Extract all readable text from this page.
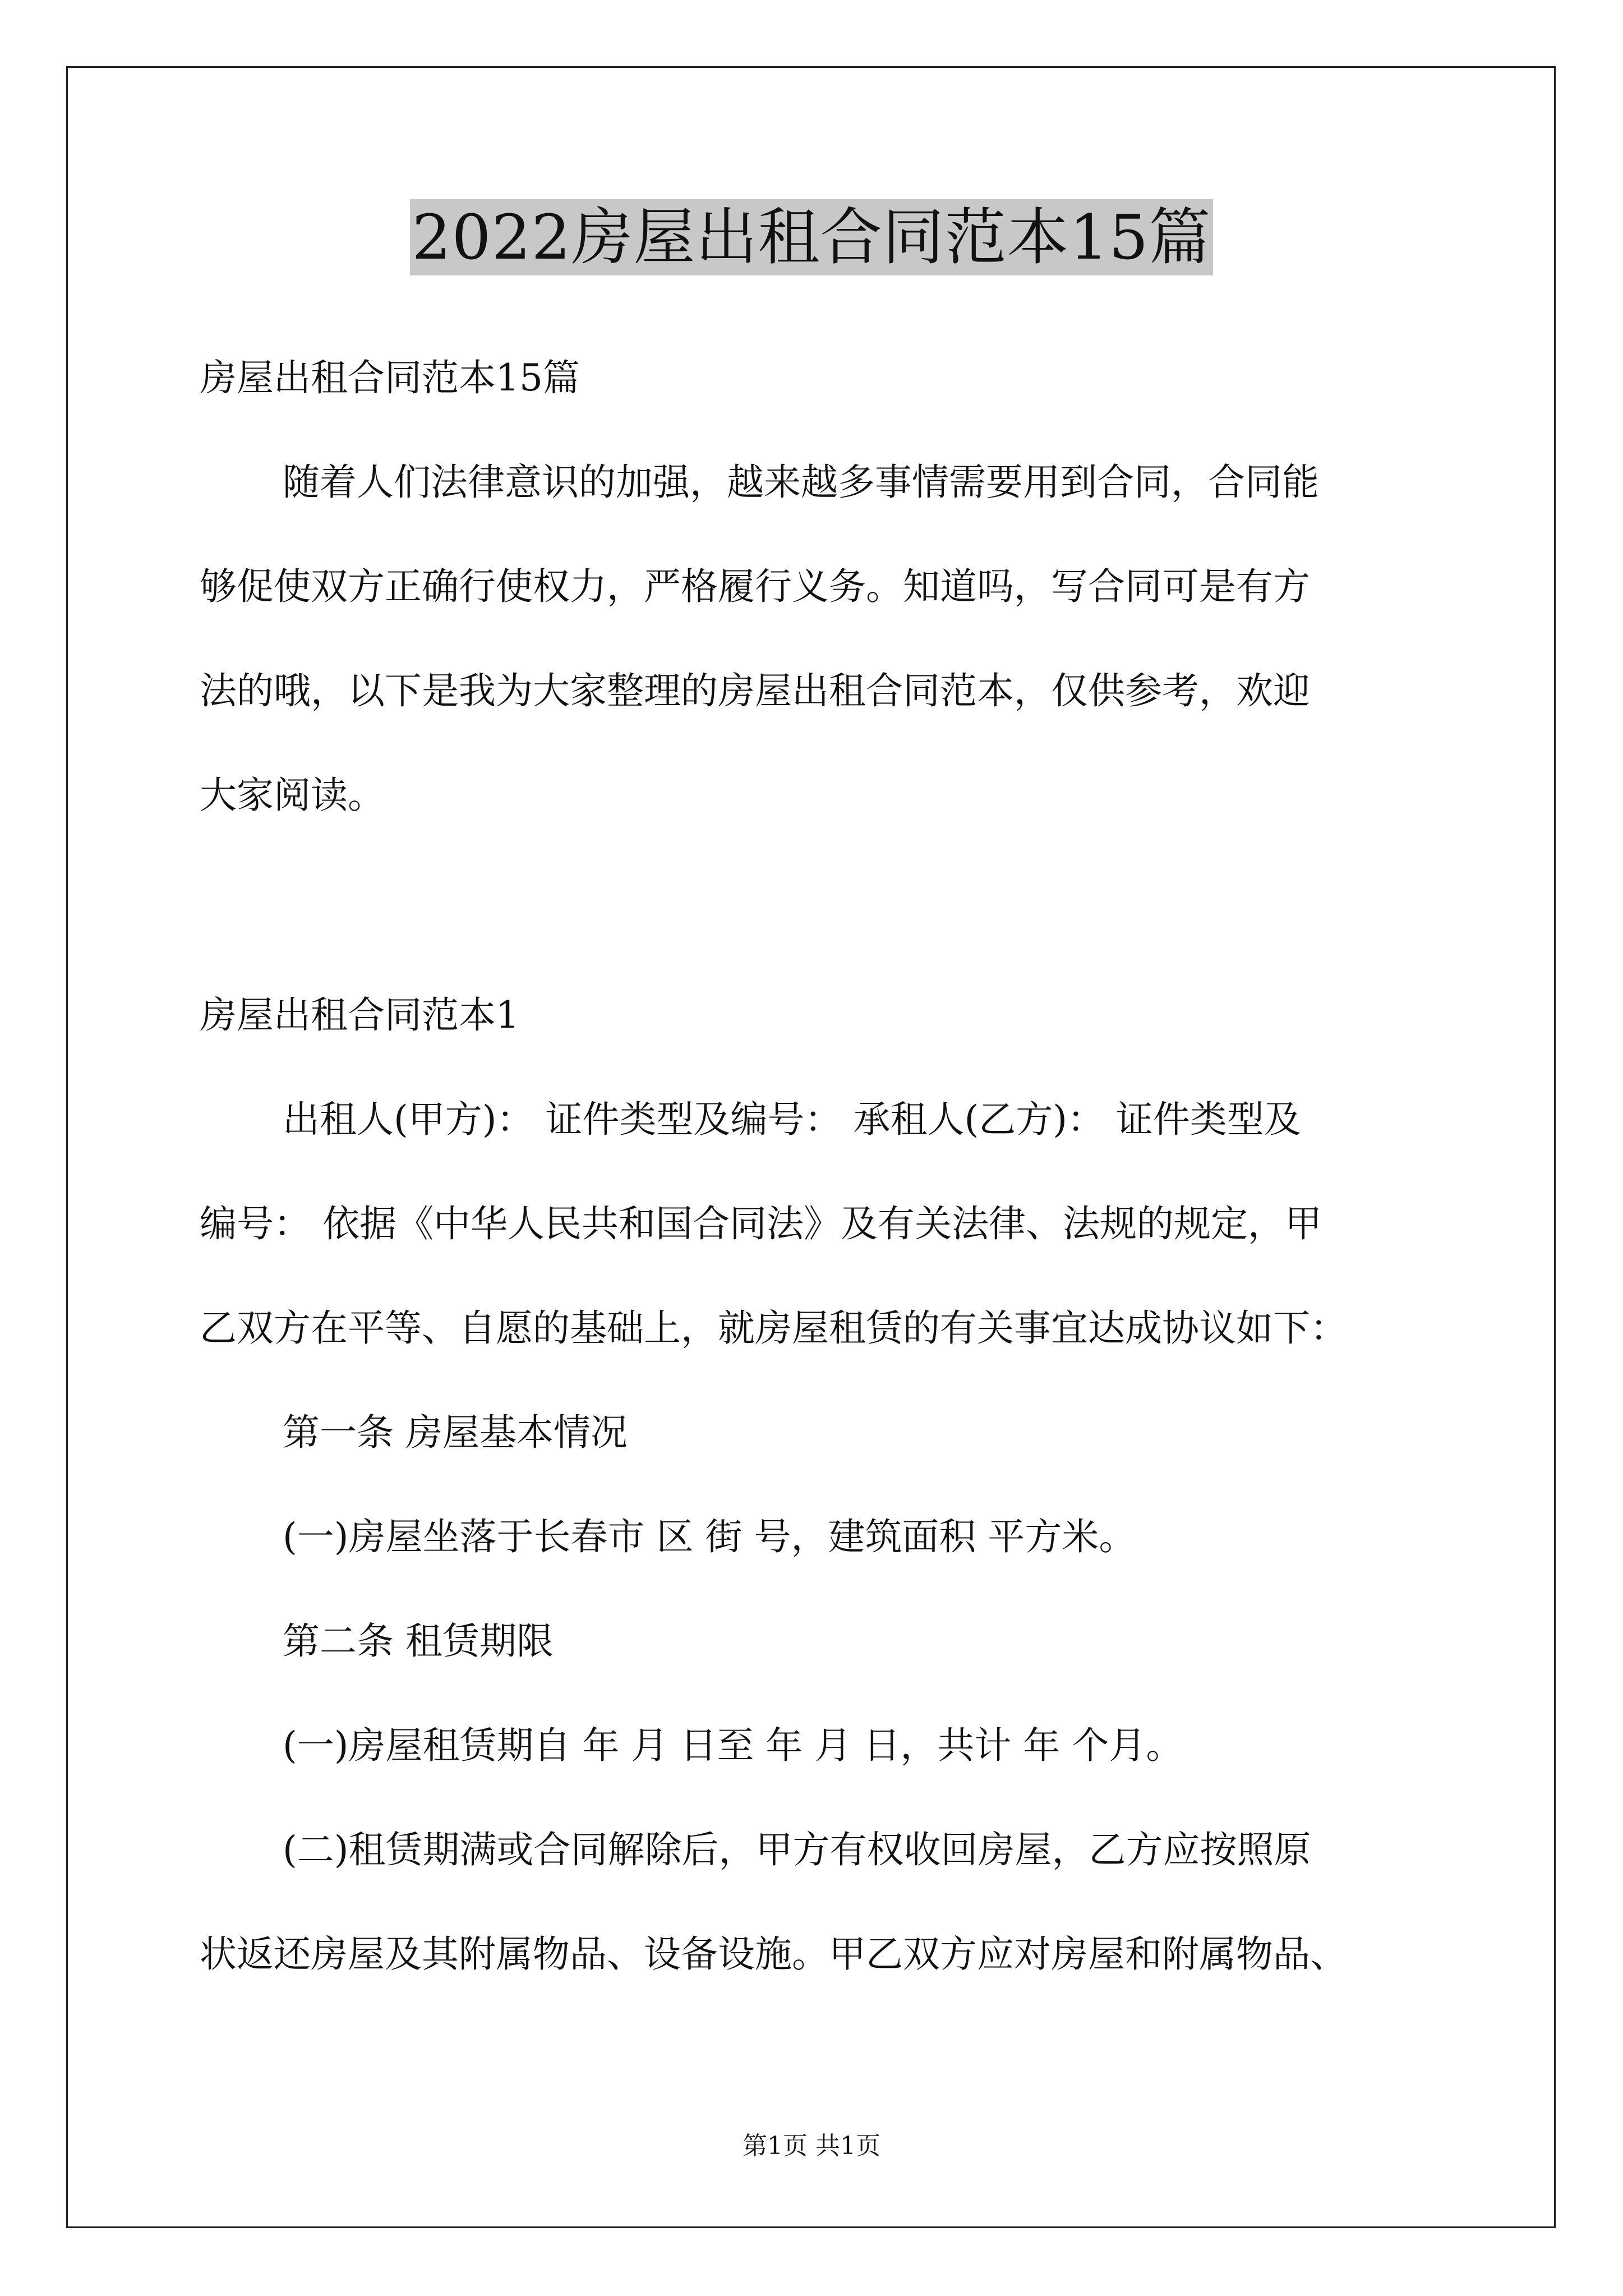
2022房屋出租合同范本15篇
房屋出租合同范本15篇
随着人们法律意识的加强，越来越多事情需要用到合同，合同能
够促使双方正确行使权力，严格履行义务。知道吗，写合同可是有方
法的哦，以下是我为大家整理的房屋出租合同范本，仅供参考，欢迎
大家阅读。
房屋出租合同范本1
出租人(甲方)： 证件类型及编号： 承租人(乙方)： 证件类型及
编号： 依据《中华人民共和国合同法》及有关法律、法规的规定，甲
乙双方在平等、自愿的基础上，就房屋租赁的有关事宜达成协议如下：
第一条 房屋基本情况
(一)房屋坐落于长春市 区 街 号，建筑面积 平方米。
第二条 租赁期限
(一)房屋租赁期自 年 月 日至 年 月 日，共计 年 个月。
(二)租赁期满或合同解除后，甲方有权收回房屋，乙方应按照原
状返还房屋及其附属物品、设备设施。甲乙双方应对房屋和附属物品、
第1页 共1页
